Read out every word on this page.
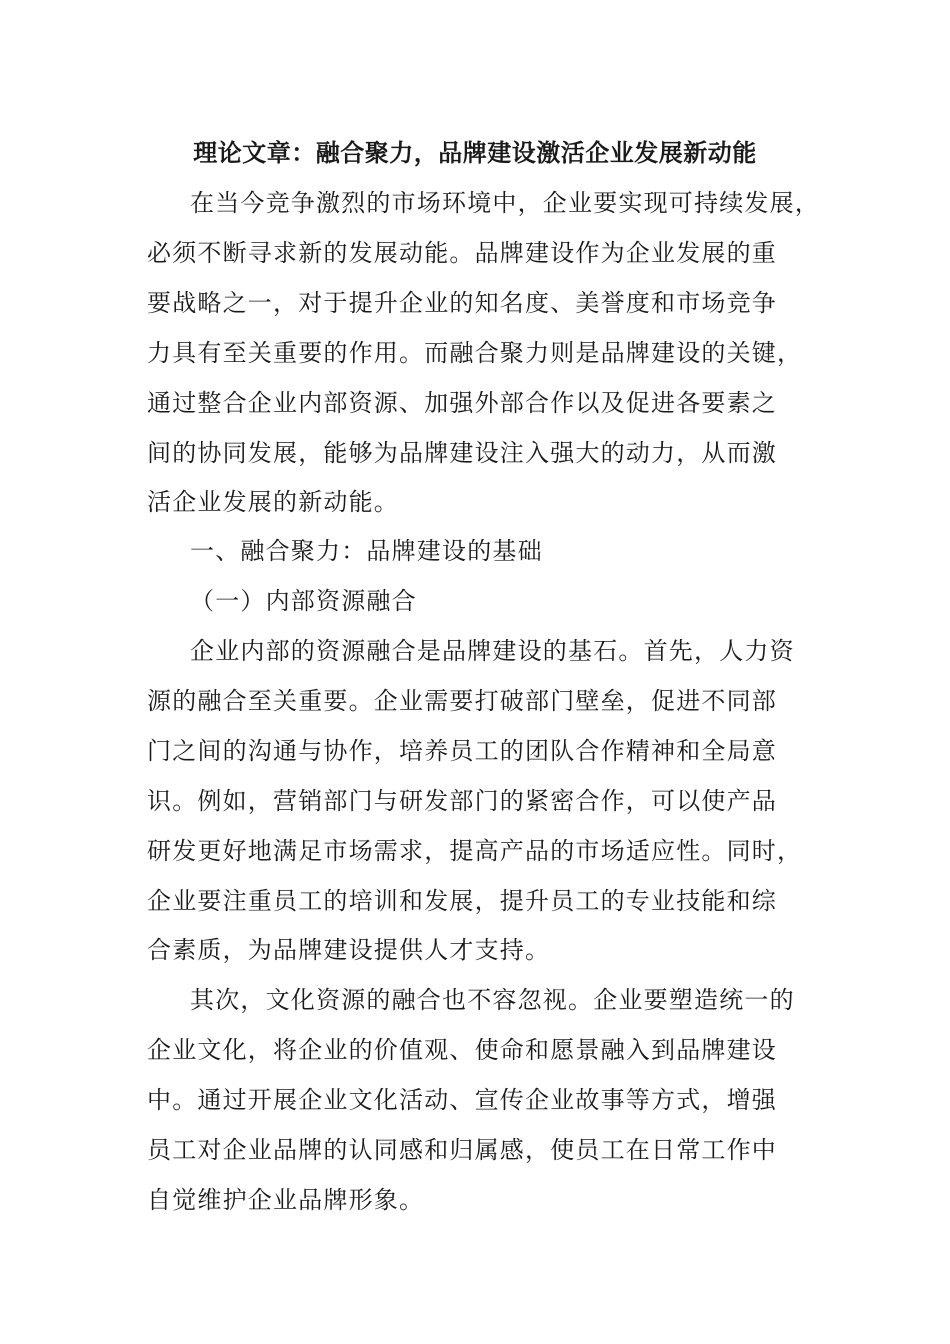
理论文章：融合聚力，品牌建设激活企业发展新动能

在当今竞争激烈的市场环境中，企业要实现可持续发展，

必须不断寻求新的发展动能。品牌建设作为企业发展的重

要战略之一，对于提升企业的知名度、美誉度和市场竞争

力具有至关重要的作用。而融合聚力则是品牌建设的关键，

通过整合企业内部资源、加强外部合作以及促进各要素之

间的协同发展，能够为品牌建设注入强大的动力，从而激

活企业发展的新动能。

一、融合聚力：品牌建设的基础

（一）内部资源融合

企业内部的资源融合是品牌建设的基石。首先，人力资

源的融合至关重要。企业需要打破部门壁垒，促进不同部

门之间的沟通与协作，培养员工的团队合作精神和全局意

识。例如，营销部门与研发部门的紧密合作，可以使产品

研发更好地满足市场需求，提高产品的市场适应性。同时，

企业要注重员工的培训和发展，提升员工的专业技能和综

合素质，为品牌建设提供人才支持。

其次，文化资源的融合也不容忽视。企业要塑造统一的

企业文化，将企业的价值观、使命和愿景融入到品牌建设

中。通过开展企业文化活动、宣传企业故事等方式，增强

员工对企业品牌的认同感和归属感，使员工在日常工作中

自觉维护企业品牌形象。
